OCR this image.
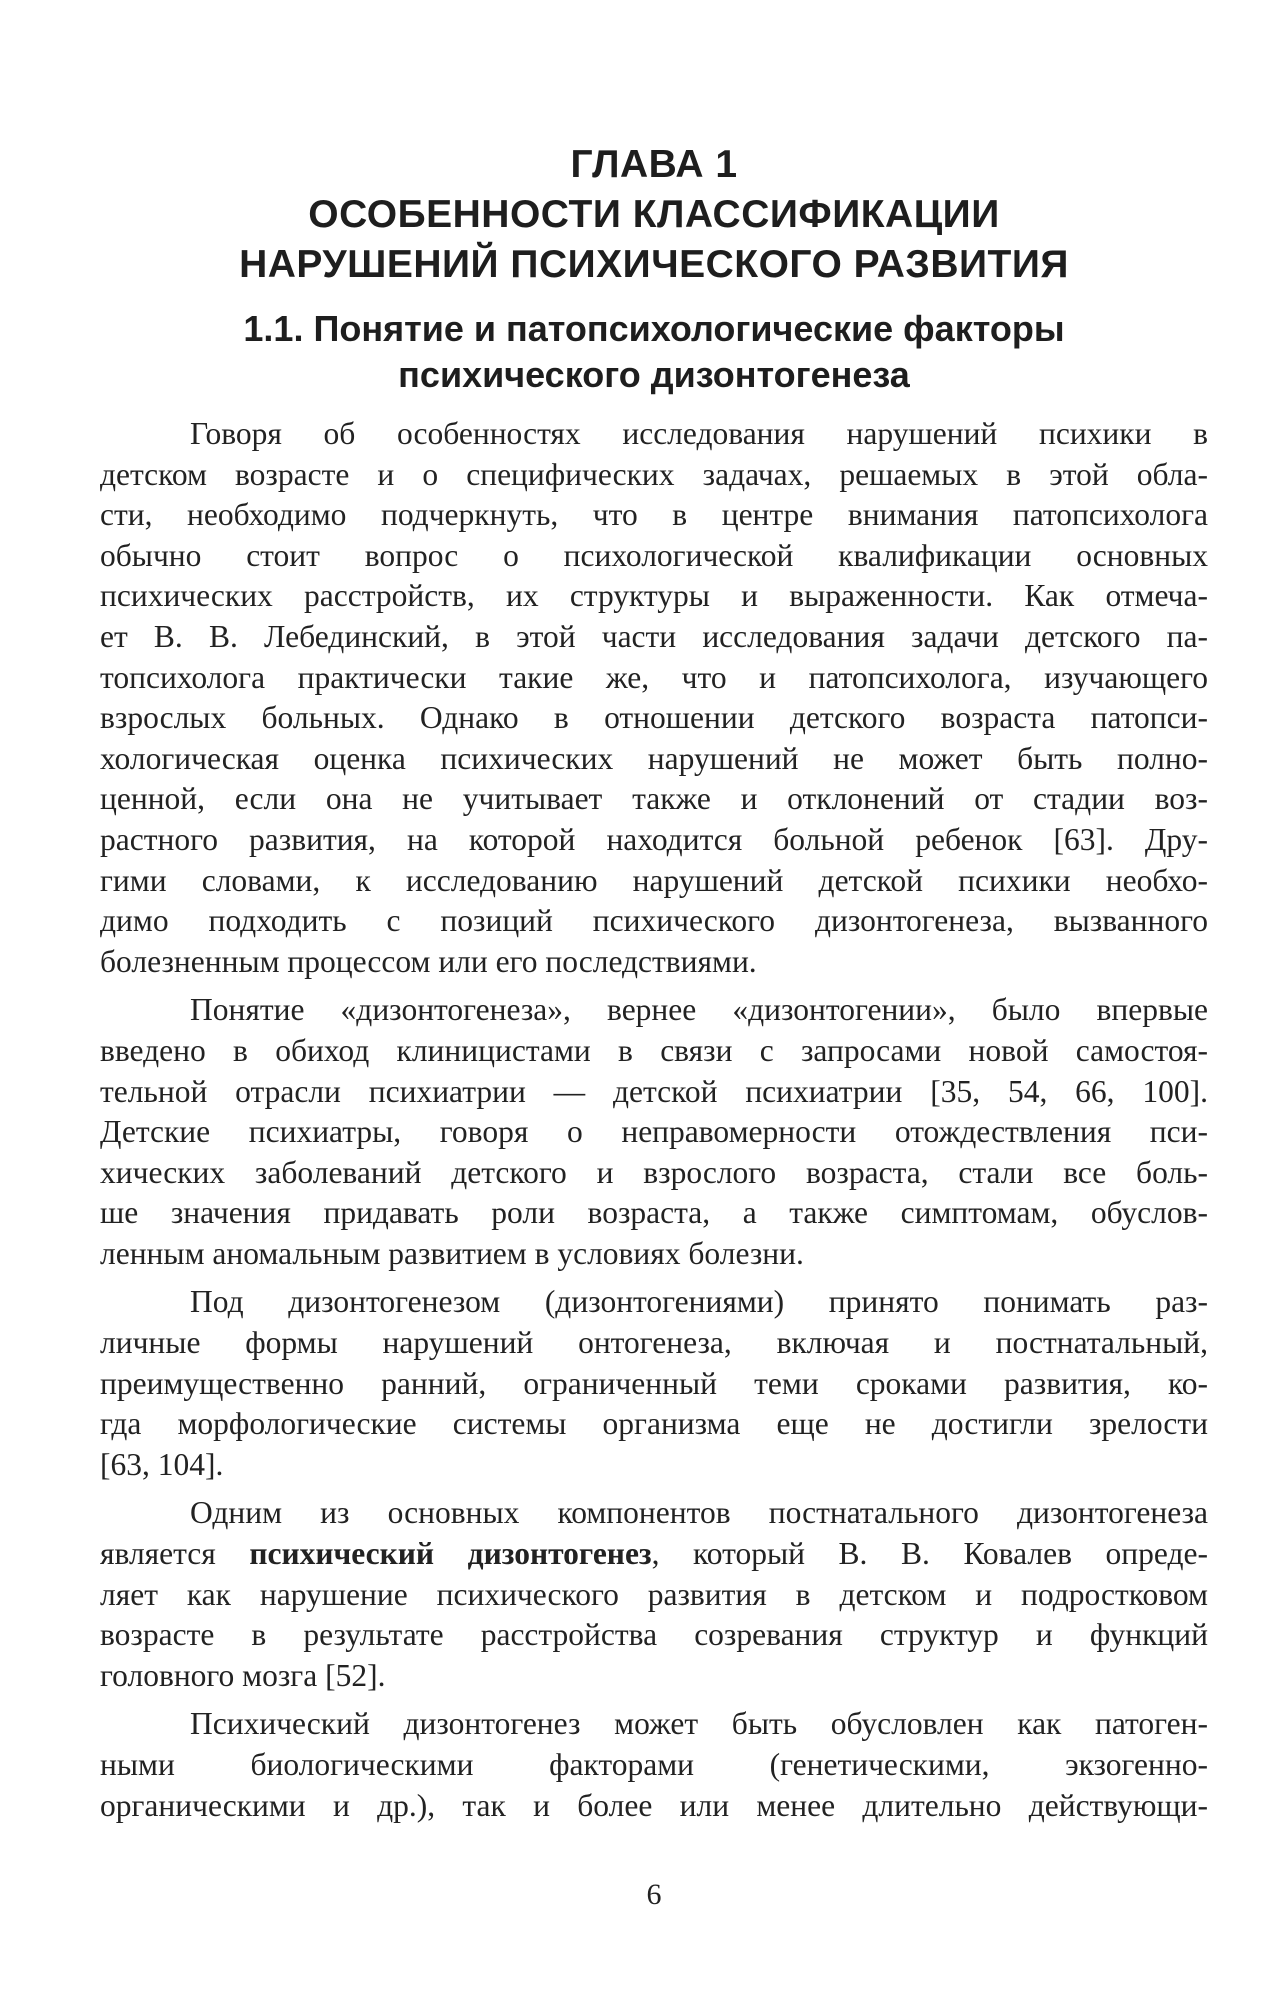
ГЛАВА 1
ОСОБЕННОСТИ КЛАССИФИКАЦИИ
НАРУШЕНИЙ ПСИХИЧЕСКОГО РАЗВИТИЯ
1.1. Понятие и патопсихологические факторы
психического дизонтогенеза
Говоря об особенностях исследования нарушений психики в
детском возрасте и о специфических задачах, решаемых в этой обла-
сти, необходимо подчеркнуть, что в центре внимания патопсихолога
обычно стоит вопрос о психологической квалификации основных
психических расстройств, их структуры и выраженности. Как отмеча-
ет В. В. Лебединский, в этой части исследования задачи детского па-
топсихолога практически такие же, что и патопсихолога, изучающего
взрослых больных. Однако в отношении детского возраста патопси-
хологическая оценка психических нарушений не может быть полно-
ценной, если она не учитывает также и отклонений от стадии воз-
растного развития, на которой находится больной ребенок [63]. Дру-
гими словами, к исследованию нарушений детской психики необхо-
димо подходить с позиций психического дизонтогенеза, вызванного
болезненным процессом или его последствиями.
Понятие «дизонтогенеза», вернее «дизонтогении», было впервые
введено в обиход клиницистами в связи с запросами новой самостоя-
тельной отрасли психиатрии — детской психиатрии [35, 54, 66, 100].
Детские психиатры, говоря о неправомерности отождествления пси-
хических заболеваний детского и взрослого возраста, стали все боль-
ше значения придавать роли возраста, а также симптомам, обуслов-
ленным аномальным развитием в условиях болезни.
Под дизонтогенезом (дизонтогениями) принято понимать раз-
личные формы нарушений онтогенеза, включая и постнатальный,
преимущественно ранний, ограниченный теми сроками развития, ко-
гда морфологические системы организма еще не достигли зрелости
[63, 104].
Одним из основных компонентов постнатального дизонтогенеза
является психический дизонтогенез, который В. В. Ковалев опреде-
ляет как нарушение психического развития в детском и подростковом
возрасте в результате расстройства созревания структур и функций
головного мозга [52].
Психический дизонтогенез может быть обусловлен как патоген-
ными биологическими факторами (генетическими, экзогенно-
органическими и др.), так и более или менее длительно действующи-
6
